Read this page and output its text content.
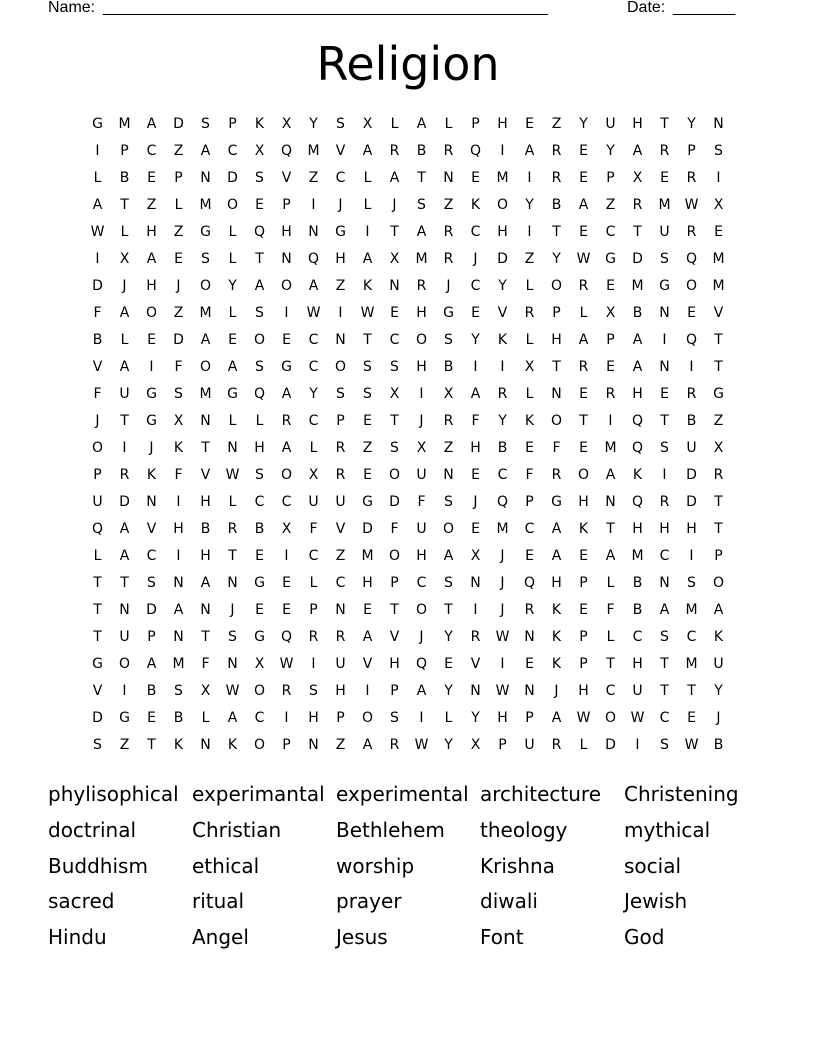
Name: __________________________________________________	Date: _______
Religion
G	M	A	D	S	P	K	X	Y	S	X	L	A	L	P	H	E	Z	Y	U	H	T	Y	N
I	P	C	Z	A	C	X	Q	M	V	A	R	B	R	Q	I	A	R	E	Y	A	R	P	S
L	B	E	P	N	D	S	V	Z	C	L	A	T	N	E	M	I	R	E	P	X	E	R	I
A	T	Z	L	M	O	E	P	I	J	L	J	S	Z	K	O	Y	B	A	Z	R	M	W	X
W	L	H	Z	G	L	Q	H	N	G	I	T	A	R	C	H	I	T	E	C	T	U	R	E
I	X	A	E	S	L	T	N	Q	H	A	X	M	R	J	D	Z	Y	W	G	D	S	Q	M
D	J	H	J	O	Y	A	O	A	Z	K	N	R	J	C	Y	L	O	R	E	M	G	O	M
F	A	O	Z	M	L	S	I	W	I	W	E	H	G	E	V	R	P	L	X	B	N	E	V
B	L	E	D	A	E	O	E	C	N	T	C	O	S	Y	K	L	H	A	P	A	I	Q	T
V	A	I	F	O	A	S	G	C	O	S	S	H	B	I	I	X	T	R	E	A	N	I	T
F	U	G	S	M	G	Q	A	Y	S	S	X	I	X	A	R	L	N	E	R	H	E	R	G
J	T	G	X	N	L	L	R	C	P	E	T	J	R	F	Y	K	O	T	I	Q	T	B	Z
O	I	J	K	T	N	H	A	L	R	Z	S	X	Z	H	B	E	F	E	M	Q	S	U	X
P	R	K	F	V	W	S	O	X	R	E	O	U	N	E	C	F	R	O	A	K	I	D	R
U	D	N	I	H	L	C	C	U	U	G	D	F	S	J	Q	P	G	H	N	Q	R	D	T
Q	A	V	H	B	R	B	X	F	V	D	F	U	O	E	M	C	A	K	T	H	H	H	T
L	A	C	I	H	T	E	I	C	Z	M	O	H	A	X	J	E	A	E	A	M	C	I	P
T	T	S	N	A	N	G	E	L	C	H	P	C	S	N	J	Q	H	P	L	B	N	S	O
T	N	D	A	N	J	E	E	P	N	E	T	O	T	I	J	R	K	E	F	B	A	M	A
T	U	P	N	T	S	G	Q	R	R	A	V	J	Y	R	W	N	K	P	L	C	S	C	K
G	O	A	M	F	N	X	W	I	U	V	H	Q	E	V	I	E	K	P	T	H	T	M	U
V	I	B	S	X	W	O	R	S	H	I	P	A	Y	N	W	N	J	H	C	U	T	T	Y
D	G	E	B	L	A	C	I	H	P	O	S	I	L	Y	H	P	A	W	O	W	C	E	J
S	Z	T	K	N	K	O	P	N	Z	A	R	W	Y	X	P	U	R	L	D	I	S	W	B
phylisophical experimantal experimental architecture	Christening
doctrinal	Christian	Bethlehem	theology	mythical
Buddhism	ethical	worship	Krishna	social
sacred	ritual	prayer	diwali	Jewish
Hindu	Angel	Jesus	Font	God
